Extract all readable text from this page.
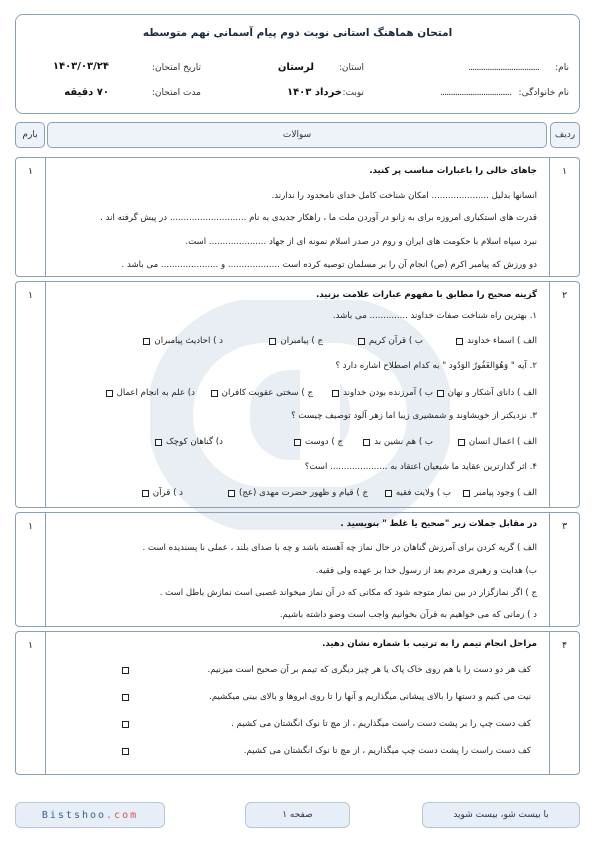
امتحان هماهنگ استانی نوبت دوم پیام آسمانی نهم متوسطه
نام:
......................................
نام خانوادگی:
......................................
استان:
لرستان
نوبت:
خرداد ۱۴۰۳
تاریخ امتحان:
۱۴۰۳/۰۳/۲۴
مدت امتحان:
۷۰ دقیقه
ردیف
سوالات
بارم
۱
۱	جاهای خالی را باعبارات مناسب پر کنید.
انسانها بدلیل ..................... امکان شناخت کامل خدای نامحدود را ندارند.
قدرت های استکباری امروزه برای به زانو در آوردن ملت ما ، راهکار جدیدی به نام ............................ در پیش گرفته اند .
نبرد سپاه اسلام با حکومت های ایران و روم در صدر اسلام نمونه ای از جهاد ..................... است.
دو ورزش که پیامبر اکرم (ص) انجام آن را بر مسلمان توصیه کرده است ................... و ..................... می باشد .
۲
۱	گزینه صحیح را مطابق با مفهوم عبارات علامت بزنید.
۱. بهترین راه شناخت صفات خداوند .............. می باشد.
الف ) اسماء خداوند
ب ) قرآن کریم
ج ) پیامبران
د ) احادیث پیامبران
۲. آیه " وَهُوَالغَفُورُ الوَدُود " به کدام اصطلاح اشاره دارد ؟
الف ) دانای آشکار و نهان
ب ) آمرزنده بودن خداوند
ج ) سختی عقوبت کافران
د) علم به انجام اعمال
۳. نزدیکتر از خویشاوند و شمشیری زیبا اما زهر آلود توصیف چیست ؟
الف ) اعمال انسان
ب ) هم نشین بد
ج ) دوست
د) گناهان کوچک
۴. اثر گذارترین عقاید ما شیعیان اعتقاد به ..................... است؟
الف ) وجود پیامبر
ب ) ولایت فقیه
ج ) قیام و ظهور حضرت مهدی (عج)
د ) قرآن
۳
۱	در مقابل جملات زیر "صحیح یا غلط " بنویسید .
الف ) گریه کردن برای آمرزش گناهان در حال نماز چه آهسته باشد و چه با صدای بلند ، عملی نا پسندیده است .
ب) هدایت و رهبری مردم بعد از رسول خدا بر عهده ولی فقیه.
ج ) اگر نمازگزار در بین نماز متوجه شود که مکانی که در آن نماز میخواند غصبی است نمازش باطل است .
د ) زمانی که می خواهیم به قرآن بخوانیم واجب است وضو داشته باشیم.
۴
۱	مراحل انجام تیمم را به ترتیب با شماره نشان دهید.
کف هر دو دست را با هم روی خاک پاک یا هر چیز دیگری که تیمم بر آن صحیح است میزنیم.
نیت می کنیم و دستها را بالای پیشانی میگذاریم و آنها را تا روی ابروها و بالای بینی میکشیم.
کف دست چپ را بر پشت دست راست میگذاریم ، از مچ تا نوک انگشتان می کشیم .
کف دست راست را پشت دست چپ میگذاریم ، از مچ تا نوک انگشتان می کشیم.
Bistshoo .com	صفحه ۱	با بیست شو، بیست شوید
